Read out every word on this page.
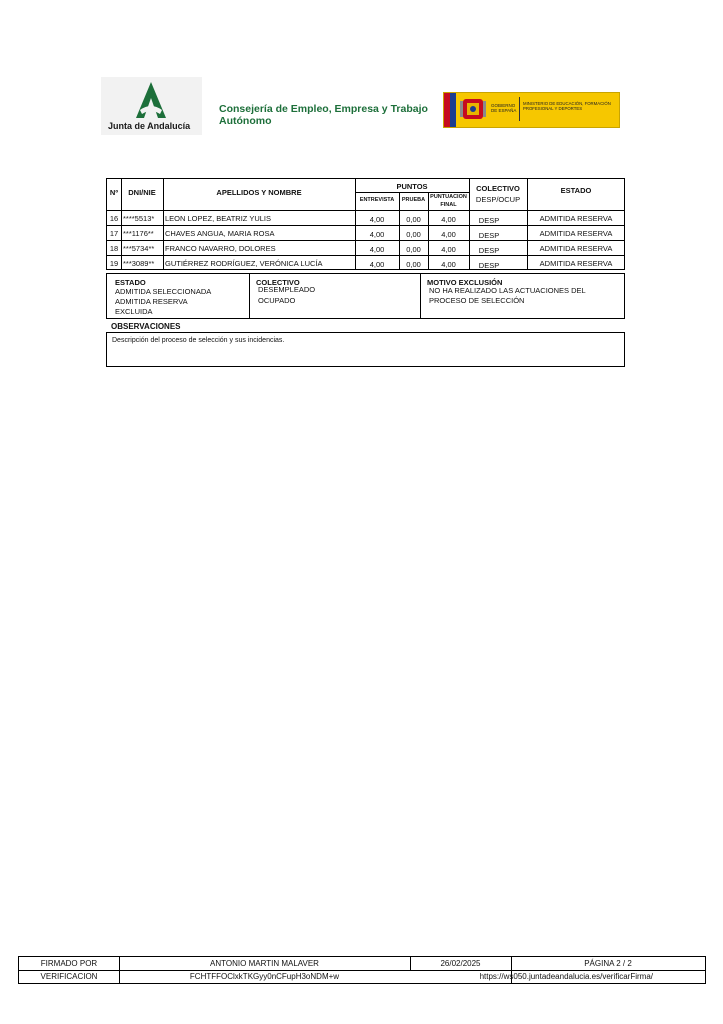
Junta de Andalucía
Consejería de Empleo, Empresa y Trabajo Autónomo
GOBIERNO DE ESPAÑA
MINISTERIO DE EDUCACIÓN, FORMACIÓN PROFESIONAL Y DEPORTES
Nº	DNI/NIE	APELLIDOS Y NOMBRE
PUNTOS
ENTREVISTA	PRUEBA PUNTUACIÓN
FINAL
COLECTIVO
DESP/OCUP
ESTADO
16 ****5513*	LEON LOPEZ, BEATRIZ YULIS	4,00	0,00	4,00	DESP	ADMITIDA RESERVA
17 ***1176**	CHAVES ANGUA, MARIA ROSA	4,00	0,00	4,00	DESP	ADMITIDA RESERVA
18 ***5734**	FRANCO NAVARRO, DOLORES	4,00	0,00	4,00	DESP	ADMITIDA RESERVA
19 ***3089**	GUTIÉRREZ RODRÍGUEZ, VERÓNICA LUCÍA	4,00	0,00	4,00	DESP	ADMITIDA RESERVA
ESTADO
ADMITIDA SELECCIONADA
ADMITIDA RESERVA
EXCLUIDA
COLECTIVO
DESEMPLEADO
OCUPADO
MOTIVO EXCLUSIÓN
NO HA REALIZADO LAS ACTUACIONES DEL
PROCESO DE SELECCIÓN
OBSERVACIONES
Descripción del proceso de selección y sus incidencias.
FIRMADO POR	ANTONIO MARTIN MALAVER	26/02/2025	PÁGINA 2 / 2
VERIFICACION	FCHTFFOClxkTKGyy0nCFupH3oNDM+w	https://ws050.juntadeandalucia.es/verificarFirma/
